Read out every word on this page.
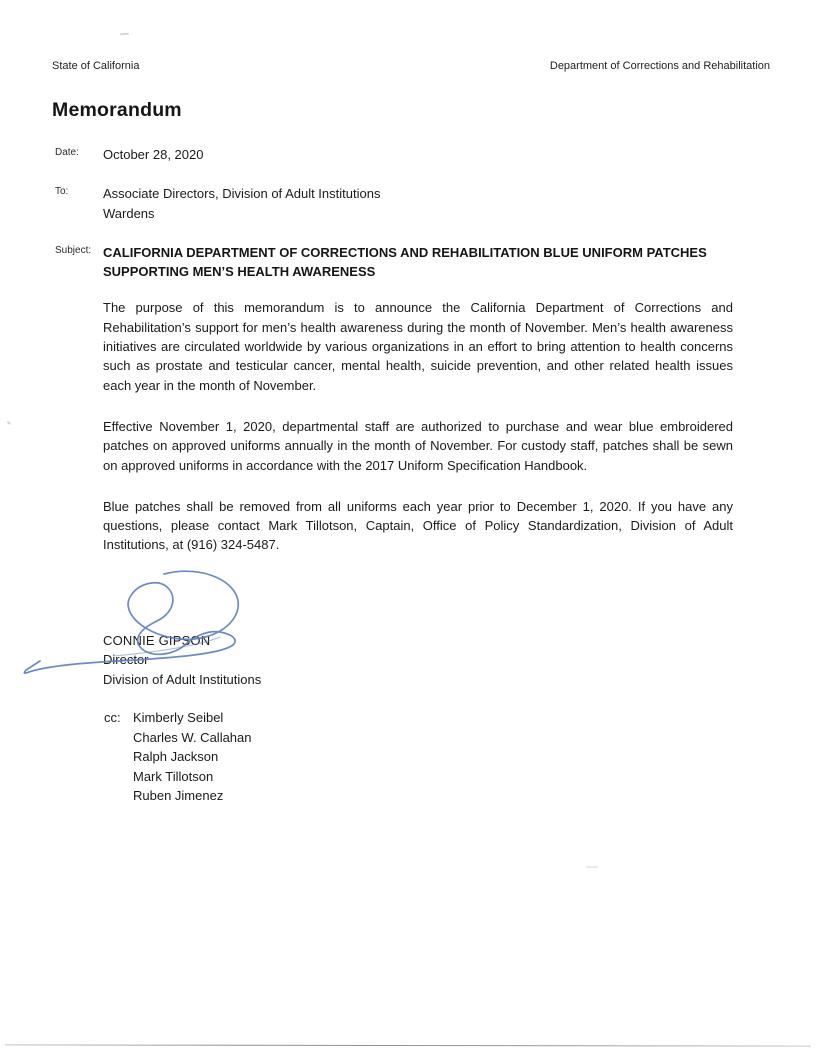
State of California	Department of Corrections and Rehabilitation
Memorandum
Date:	October 28, 2020
To:	Associate Directors, Division of Adult Institutions
Wardens
Subject: CALIFORNIA DEPARTMENT OF CORRECTIONS AND REHABILITATION BLUE UNIFORM PATCHES SUPPORTING MEN’S HEALTH AWARENESS

The purpose of this memorandum is to announce the California Department of Corrections and Rehabilitation’s support for men’s health awareness during the month of November. Men’s health awareness initiatives are circulated worldwide by various organizations in an effort to bring attention to health concerns such as prostate and testicular cancer, mental health, suicide prevention, and other related health issues each year in the month of November.

Effective November 1, 2020, departmental staff are authorized to purchase and wear blue embroidered patches on approved uniforms annually in the month of November. For custody staff, patches shall be sewn on approved uniforms in accordance with the 2017 Uniform Specification Handbook.

Blue patches shall be removed from all uniforms each year prior to December 1, 2020. If you have any questions, please contact Mark Tillotson, Captain, Office of Policy Standardization, Division of Adult Institutions, at (916) 324-5487.

CONNIE GIPSON
Director
Division of Adult Institutions
cc: Kimberly Seibel
Charles W. Callahan
Ralph Jackson
Mark Tillotson
Ruben Jimenez
